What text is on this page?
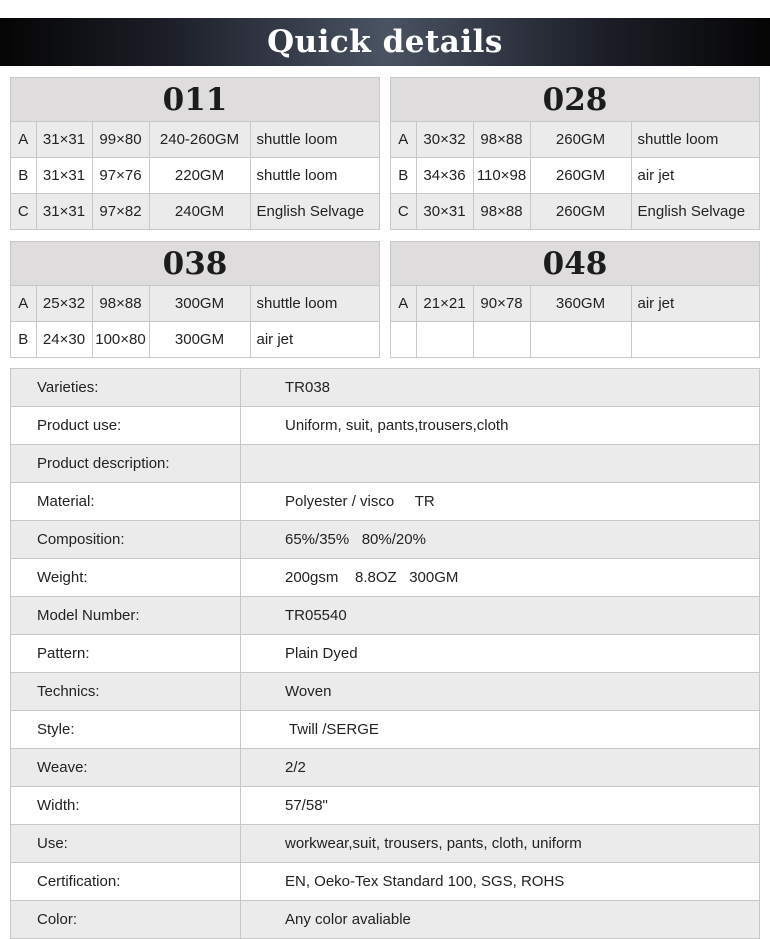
Quick details
011
A	31×31	99×80	240-260GM	shuttle loom
B	31×31	97×76	220GM	shuttle loom
C	31×31	97×82	240GM	English Selvage
028
A	30×32	98×88	260GM	shuttle loom
B	34×36	110×98	260GM	air jet
C	30×31	98×88	260GM	English Selvage
038
A	25×32	98×88	300GM	shuttle loom
B	24×30	100×80	300GM	air jet
048
A	21×21	90×78	360GM	air jet

Varieties:	TR038
Product use:	Uniform, suit, pants,trousers,cloth
Product description:	
Material:	Polyester / visco     TR
Composition:	65%/35%   80%/20%
Weight:	200gsm    8.8OZ   300GM
Model Number:	TR05540
Pattern:	Plain Dyed
Technics:	Woven
Style:	Twill /SERGE
Weave:	2/2
Width:	57/58"
Use:	workwear,suit, trousers, pants, cloth, uniform
Certification:	EN, Oeko-Tex Standard 100, SGS, ROHS
Color:	Any color avaliable
